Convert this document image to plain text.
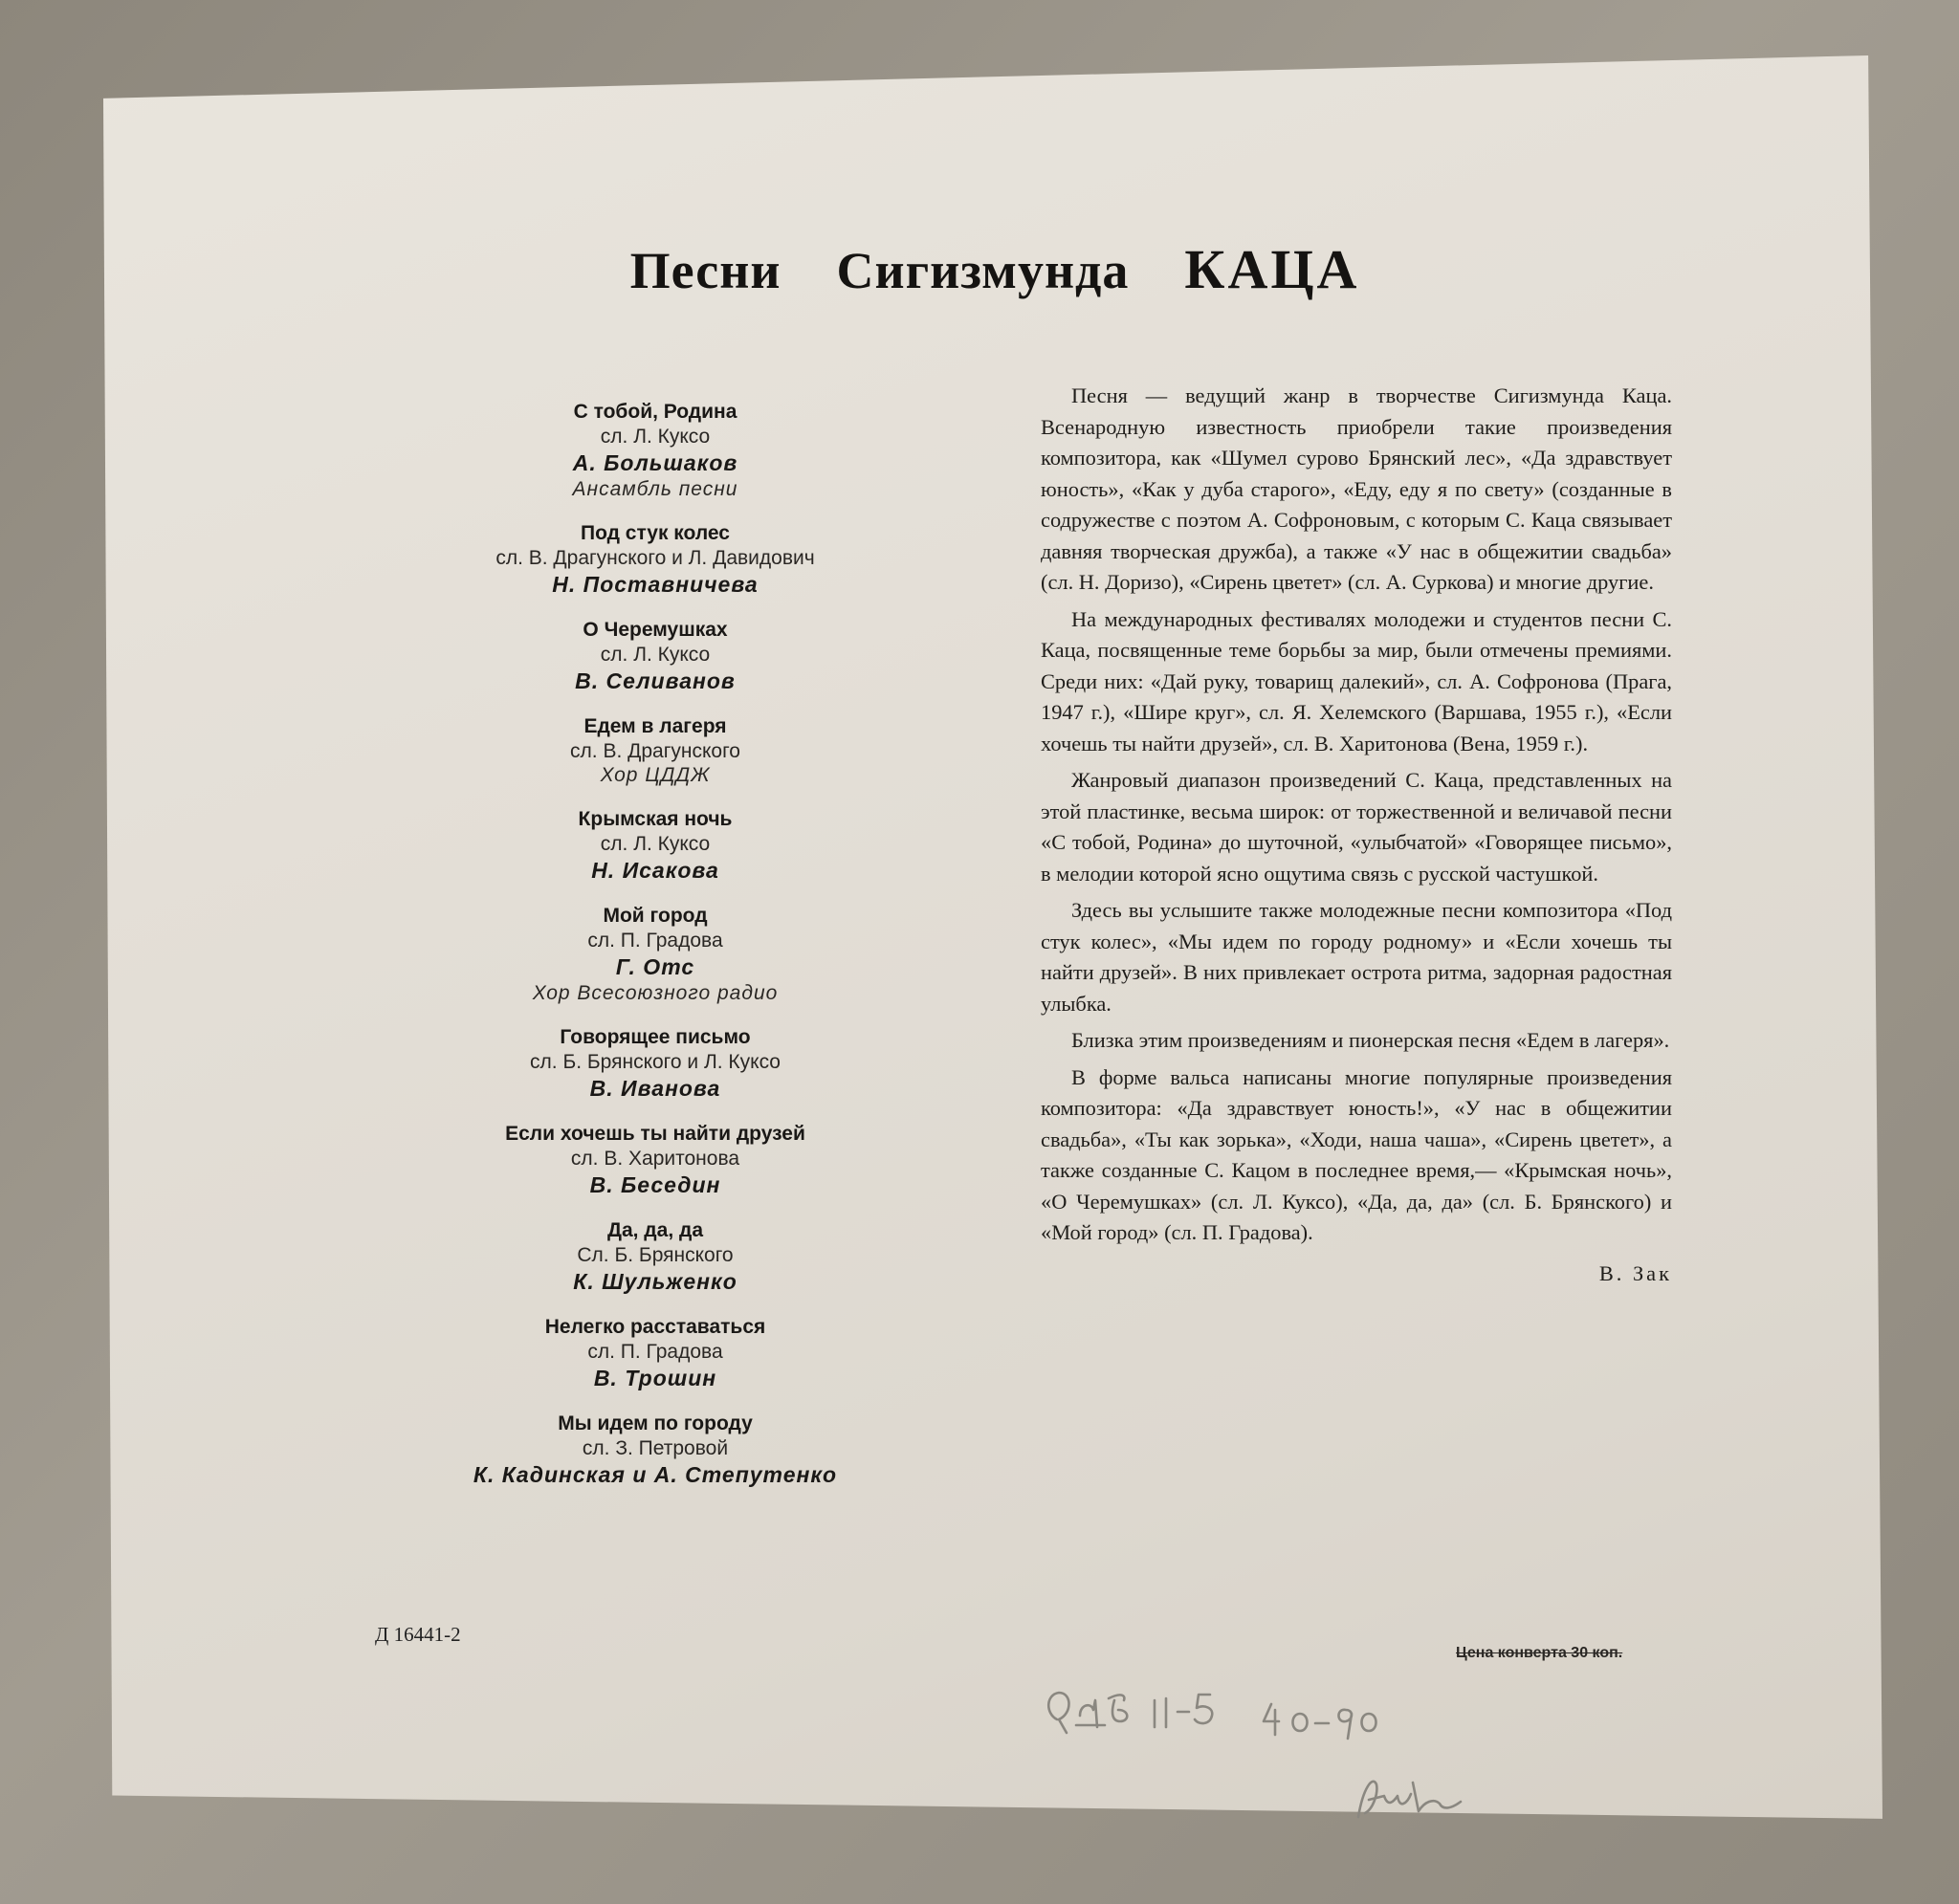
Песни Сигизмунда КАЦА
С тобой, Родина
сл. Л. Куксо
А. Большаков
Ансамбль песни
Под стук колес
сл. В. Драгунского и Л. Давидович
Н. Поставничева
О Черемушках
сл. Л. Куксо
В. Селиванов
Едем в лагеря
сл. В. Драгунского
Хор ЦДДЖ
Крымская ночь
сл. Л. Куксо
Н. Исакова
Мой город
сл. П. Градова
Г. Отс
Хор Всесоюзного радио
Говорящее письмо
сл. Б. Брянского и Л. Куксо
В. Иванова
Если хочешь ты найти друзей
сл. В. Харитонова
В. Беседин
Да, да, да
Сл. Б. Брянского
К. Шульженко
Нелегко расставаться
сл. П. Градова
В. Трошин
Мы идем по городу
сл. З. Петровой
К. Кадинская и А. Степутенко

Песня — ведущий жанр в творчестве Сигизмунда Каца. Всенародную известность приобрели такие произведения композитора, как «Шумел сурово Брянский лес», «Да здравствует юность», «Как у дуба старого», «Еду, еду я по свету» (созданные в содружестве с поэтом А. Софроновым, с которым С. Каца связывает давняя творческая дружба), а также «У нас в общежитии свадьба» (сл. Н. Доризо), «Сирень цветет» (сл. А. Суркова) и многие другие.

На международных фестивалях молодежи и студентов песни С. Каца, посвященные теме борьбы за мир, были отмечены премиями. Среди них: «Дай руку, товарищ далекий», сл. А. Софронова (Прага, 1947 г.), «Шире круг», сл. Я. Хелемского (Варшава, 1955 г.), «Если хочешь ты найти друзей», сл. В. Харитонова (Вена, 1959 г.).

Жанровый диапазон произведений С. Каца, представленных на этой пластинке, весьма широк: от торжественной и величавой песни «С тобой, Родина» до шуточной, «улыбчатой» «Говорящее письмо», в мелодии которой ясно ощутима связь с русской частушкой.

Здесь вы услышите также молодежные песни композитора «Под стук колес», «Мы идем по городу родному» и «Если хочешь ты найти друзей». В них привлекает острота ритма, задорная радостная улыбка.

Близка этим произведениям и пионерская песня «Едем в лагеря».

В форме вальса написаны многие популярные произведения композитора: «Да здравствует юность!», «У нас в общежитии свадьба», «Ты как зорька», «Ходи, наша чаша», «Сирень цветет», а также созданные С. Кацом в последнее время,— «Крымская ночь», «О Черемушках» (сл. Л. Куксо), «Да, да, да» (сл. Б. Брянского) и «Мой город» (сл. П. Градова).

В. Зак

Д 16441-2
Цена конверта 30 коп.
